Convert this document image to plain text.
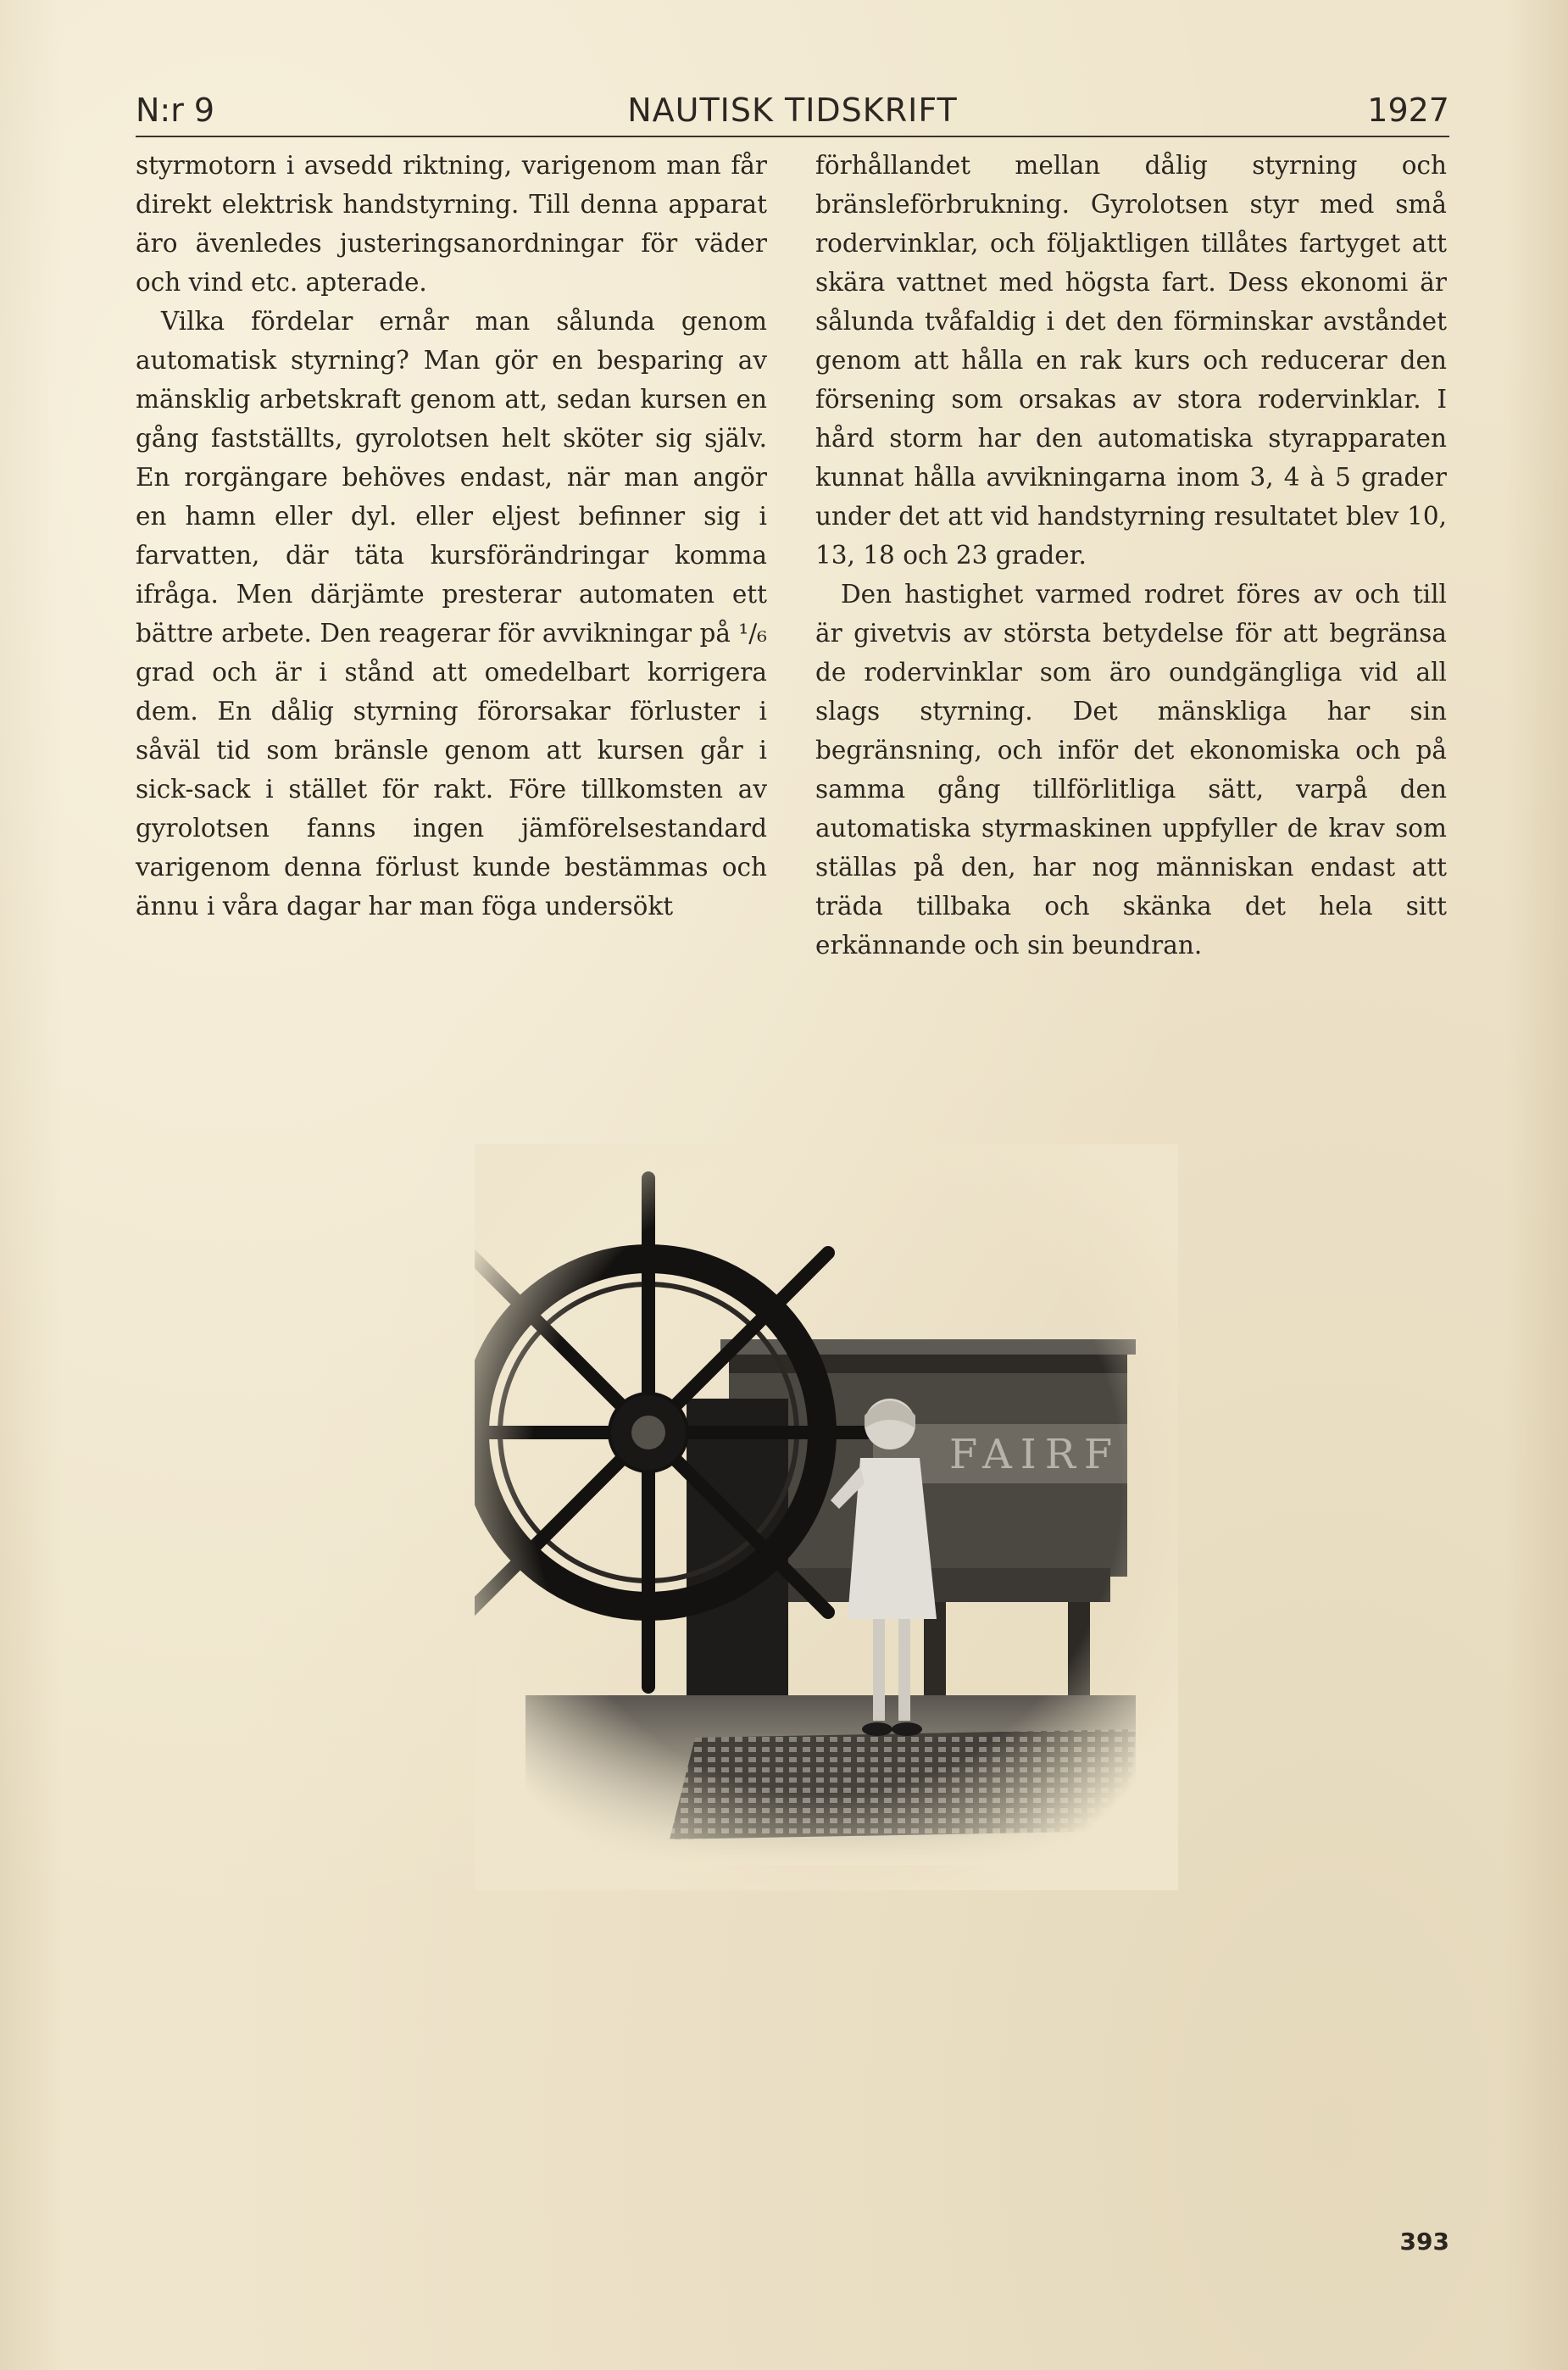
N:r 9	NAUTISK TIDSKRIFT	1927

styrmotorn i avsedd riktning, varigenom man får direkt elektrisk handstyrning. Till denna apparat äro ävenledes justeringsanordningar för väder och vind etc. apterade.

Vilka fördelar ernår man sålunda genom automatisk styrning? Man gör en besparing av mänsklig arbetskraft genom att, sedan kursen en gång fastställts, gyrolotsen helt sköter sig själv. En rorgängare behöves endast, när man angör en hamn eller dyl. eller eljest befinner sig i farvatten, där täta kursförändringar komma ifråga. Men därjämte presterar automaten ett bättre arbete. Den reagerar för avvikningar på ¹/₆ grad och är i stånd att omedelbart korrigera dem. En dålig styrning förorsakar förluster i såväl tid som bränsle genom att kursen går i sick-sack i stället för rakt. Före tillkomsten av gyrolotsen fanns ingen jämförelsestandard varigenom denna förlust kunde bestämmas och ännu i våra dagar har man föga undersökt

förhållandet mellan dålig styrning och bränsleförbrukning. Gyrolotsen styr med små rodervinklar, och följaktligen tillåtes fartyget att skära vattnet med högsta fart. Dess ekonomi är sålunda tvåfaldig i det den förminskar avståndet genom att hålla en rak kurs och reducerar den försening som orsakas av stora rodervinklar. I hård storm har den automatiska styrapparaten kunnat hålla avvikningarna inom 3, 4 à 5 grader under det att vid handstyrning resultatet blev 10, 13, 18 och 23 grader.

Den hastighet varmed rodret föres av och till är givetvis av största betydelse för att begränsa de rodervinklar som äro oundgängliga vid all slags styrning. Det mänskliga har sin begränsning, och inför det ekonomiska och på samma gång tillförlitliga sätt, varpå den automatiska styrmaskinen uppfyller de krav som ställas på den, har nog människan endast att träda tillbaka och skänka det hela sitt erkännande och sin beundran.

393
